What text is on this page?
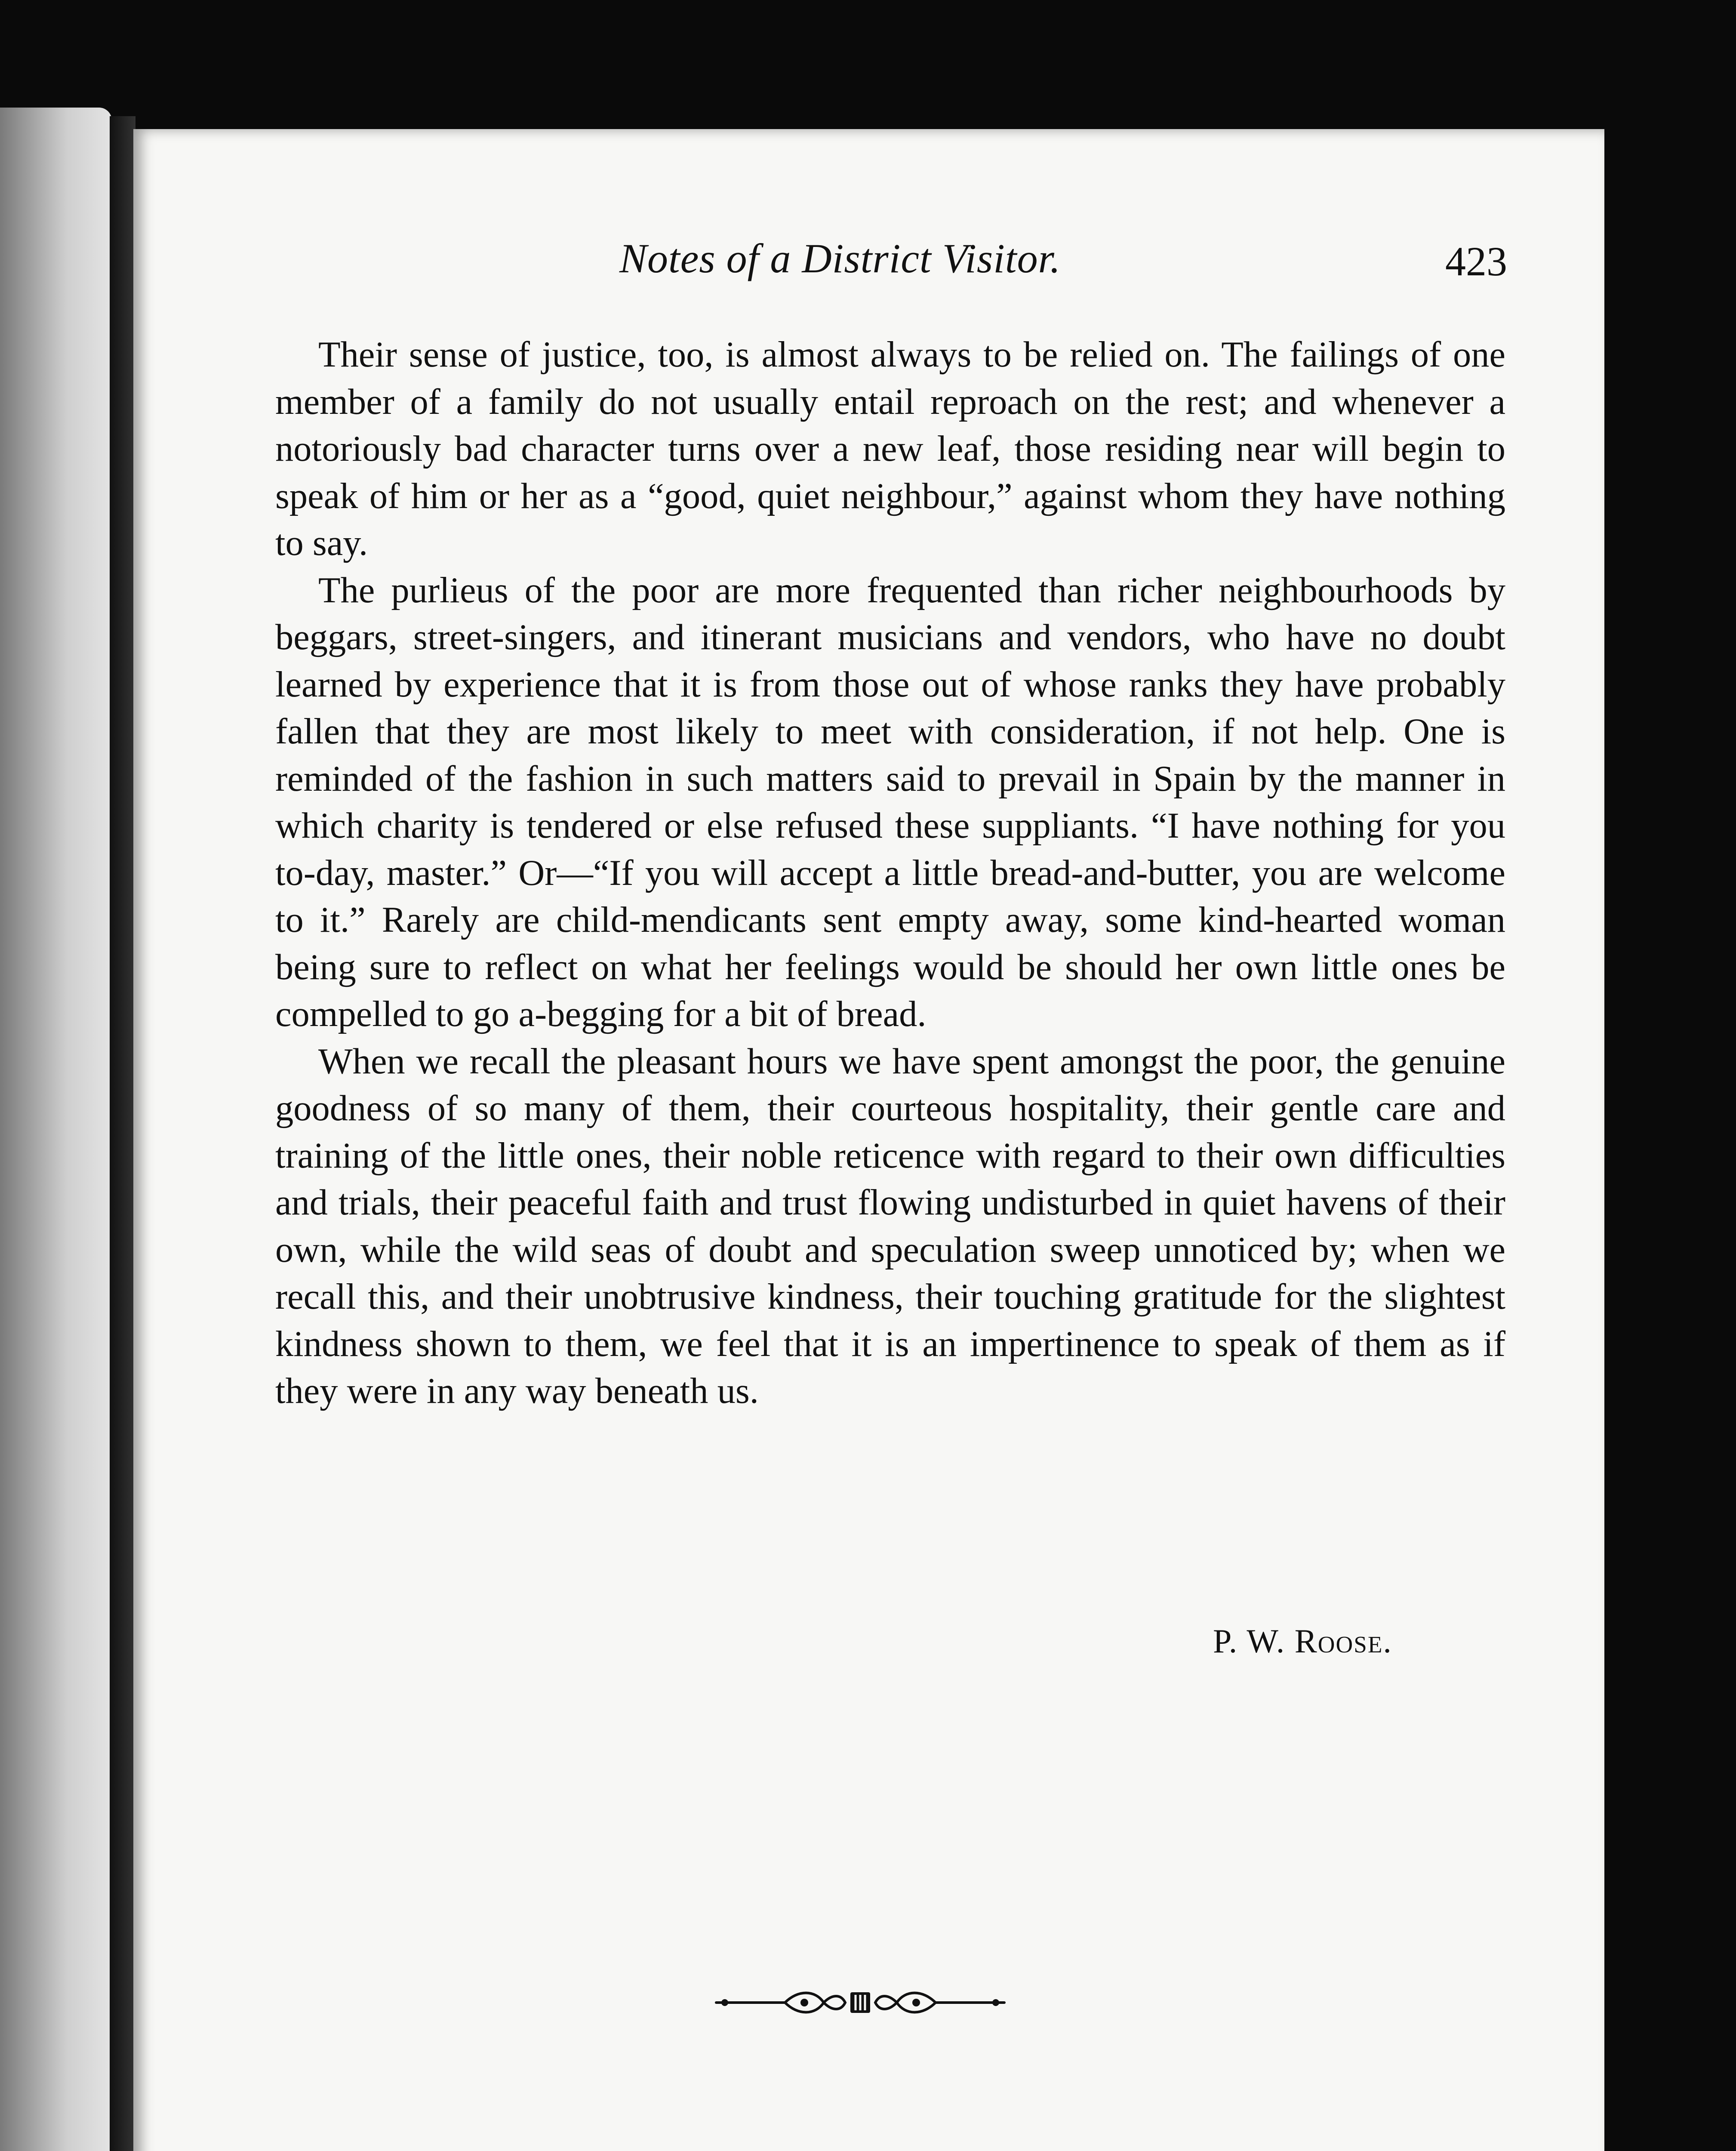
Notes of a District Visitor.	423

Their sense of justice, too, is almost always to be relied on. The failings of one member of a family do not usually entail reproach on the rest; and whenever a notoriously bad character turns over a new leaf, those residing near will begin to speak of him or her as a “good, quiet neighbour,” against whom they have nothing to say.

The purlieus of the poor are more frequented than richer neighbourhoods by beggars, street-singers, and itinerant musicians and vendors, who have no doubt learned by experience that it is from those out of whose ranks they have probably fallen that they are most likely to meet with consideration, if not help. One is reminded of the fashion in such matters said to prevail in Spain by the manner in which charity is tendered or else refused these suppliants. “I have nothing for you to-day, master.” Or—“If you will accept a little bread-and-butter, you are welcome to it.” Rarely are child-mendicants sent empty away, some kind-hearted woman being sure to reflect on what her feelings would be should her own little ones be compelled to go a-begging for a bit of bread.

When we recall the pleasant hours we have spent amongst the poor, the genuine goodness of so many of them, their courteous hospitality, their gentle care and training of the little ones, their noble reticence with regard to their own difficulties and trials, their peaceful faith and trust flowing undisturbed in quiet havens of their own, while the wild seas of doubt and speculation sweep unnoticed by; when we recall this, and their unobtrusive kindness, their touching gratitude for the slightest kindness shown to them, we feel that it is an impertinence to speak of them as if they were in any way beneath us.

P. W. Roose.
